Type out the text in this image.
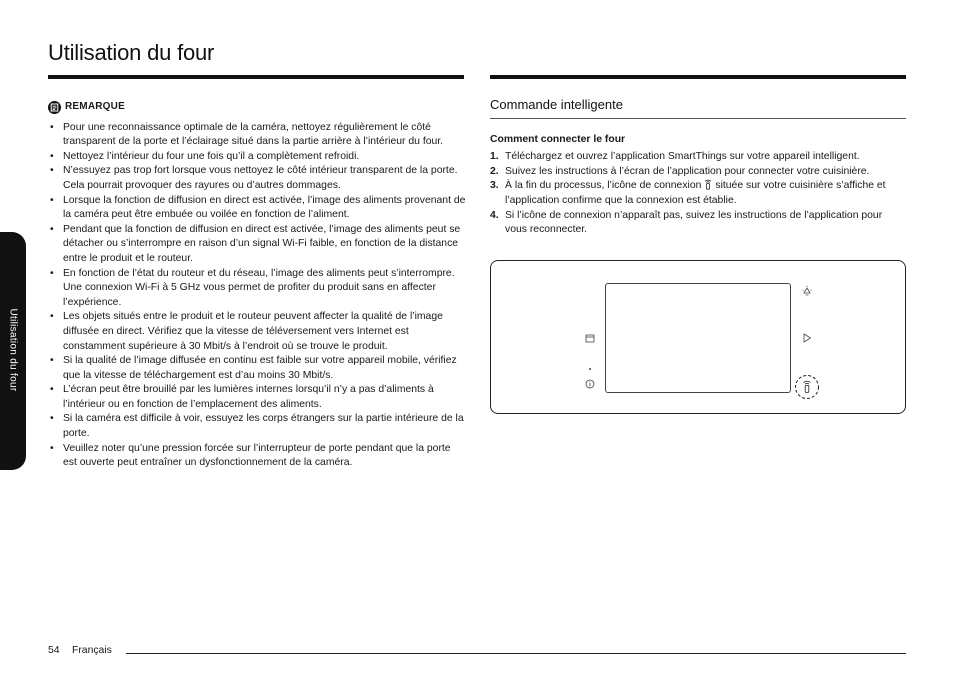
Utilisation du four
Utilisation du four
REMARQUE
• Pour une reconnaissance optimale de la caméra, nettoyez régulièrement le côté transparent de la porte et l’éclairage situé dans la partie arrière à l’intérieur du four.
• Nettoyez l’intérieur du four une fois qu’il a complètement refroidi.
• N’essuyez pas trop fort lorsque vous nettoyez le côté intérieur transparent de la porte.
Cela pourrait provoquer des rayures ou d’autres dommages.
• Lorsque la fonction de diffusion en direct est activée, l’image des aliments provenant de la caméra peut être embuée ou voilée en fonction de l’aliment.
• Pendant que la fonction de diffusion en direct est activée, l’image des aliments peut se détacher ou s’interrompre en raison d’un signal Wi-Fi faible, en fonction de la distance entre le produit et le routeur.
• En fonction de l’état du routeur et du réseau, l’image des aliments peut s’interrompre. Une connexion Wi-Fi à 5 GHz vous permet de profiter du produit sans en affecter l’expérience.
• Les objets situés entre le produit et le routeur peuvent affecter la qualité de l’image diffusée en direct. Vérifiez que la vitesse de téléversement vers Internet est constamment supérieure à 30 Mbit/s à l’endroit où se trouve le produit.
• Si la qualité de l’image diffusée en continu est faible sur votre appareil mobile, vérifiez que la vitesse de téléchargement est d’au moins 30 Mbit/s.
• L’écran peut être brouillé par les lumières internes lorsqu’il n’y a pas d’aliments à l’intérieur ou en fonction de l’emplacement des aliments.
• Si la caméra est difficile à voir, essuyez les corps étrangers sur la partie intérieure de la porte.
• Veuillez noter qu’une pression forcée sur l’interrupteur de porte pendant que la porte est ouverte peut entraîner un dysfonctionnement de la caméra.
Commande intelligente
Comment connecter le four
1. Téléchargez et ouvrez l’application SmartThings sur votre appareil intelligent.
2. Suivez les instructions à l’écran de l’application pour connecter votre cuisinière.
3. À la fin du processus, l’icône de connexion située sur votre cuisinière s’affiche et l’application confirme que la connexion est établie.
4. Si l’icône de connexion n’apparaît pas, suivez les instructions de l’application pour vous reconnecter.
54 Français
